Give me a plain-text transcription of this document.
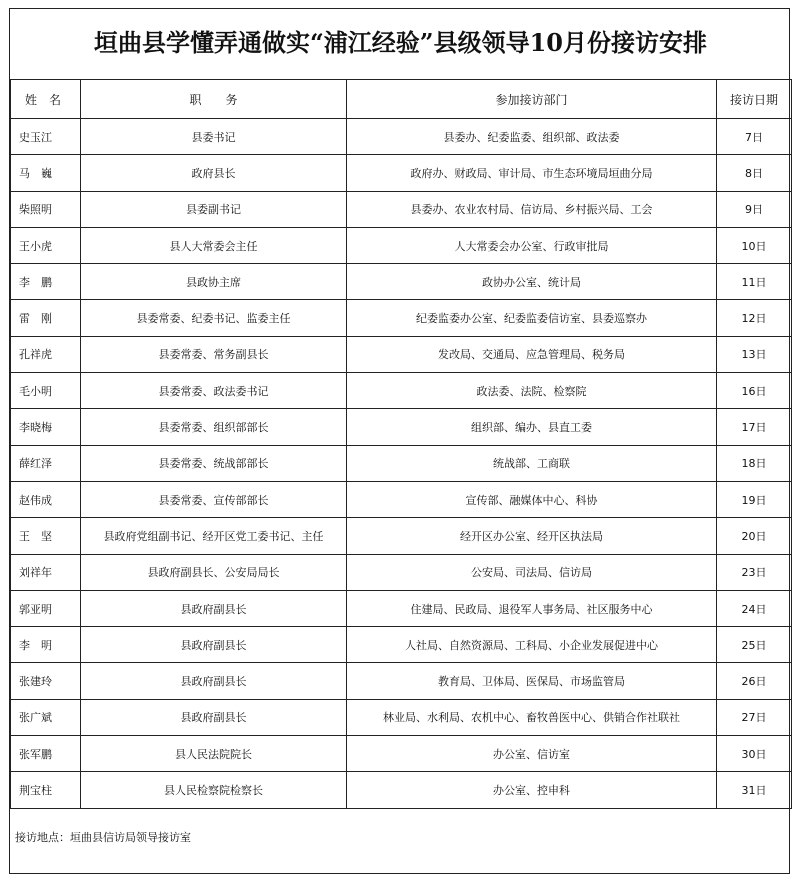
垣曲县学懂弄通做实“浦江经验”县级领导10月份接访安排
姓　名	职　　务	参加接访部门	接访日期
史玉江	县委书记	县委办、纪委监委、组织部、政法委	7日
马　巍	政府县长	政府办、财政局、审计局、市生态环境局垣曲分局	8日
柴照明	县委副书记	县委办、农业农村局、信访局、乡村振兴局、工会	9日
王小虎	县人大常委会主任	人大常委会办公室、行政审批局	10日
李　鹏	县政协主席	政协办公室、统计局	11日
雷　刚	县委常委、纪委书记、监委主任	纪委监委办公室、纪委监委信访室、县委巡察办	12日
孔祥虎	县委常委、常务副县长	发改局、交通局、应急管理局、税务局	13日
毛小明	县委常委、政法委书记	政法委、法院、检察院	16日
李晓梅	县委常委、组织部部长	组织部、编办、县直工委	17日
薛红泽	县委常委、统战部部长	统战部、工商联	18日
赵伟成	县委常委、宣传部部长	宣传部、融媒体中心、科协	19日
王　坚	县政府党组副书记、经开区党工委书记、主任	经开区办公室、经开区执法局	20日
刘祥年	县政府副县长、公安局局长	公安局、司法局、信访局	23日
郭亚明	县政府副县长	住建局、民政局、退役军人事务局、社区服务中心	24日
李　明	县政府副县长	人社局、自然资源局、工科局、小企业发展促进中心	25日
张建玲	县政府副县长	教育局、卫体局、医保局、市场监管局	26日
张广斌	县政府副县长	林业局、水利局、农机中心、畜牧兽医中心、供销合作社联社	27日
张军鹏	县人民法院院长	办公室、信访室	30日
荆宝柱	县人民检察院检察长	办公室、控申科	31日
接访地点：垣曲县信访局领导接访室
